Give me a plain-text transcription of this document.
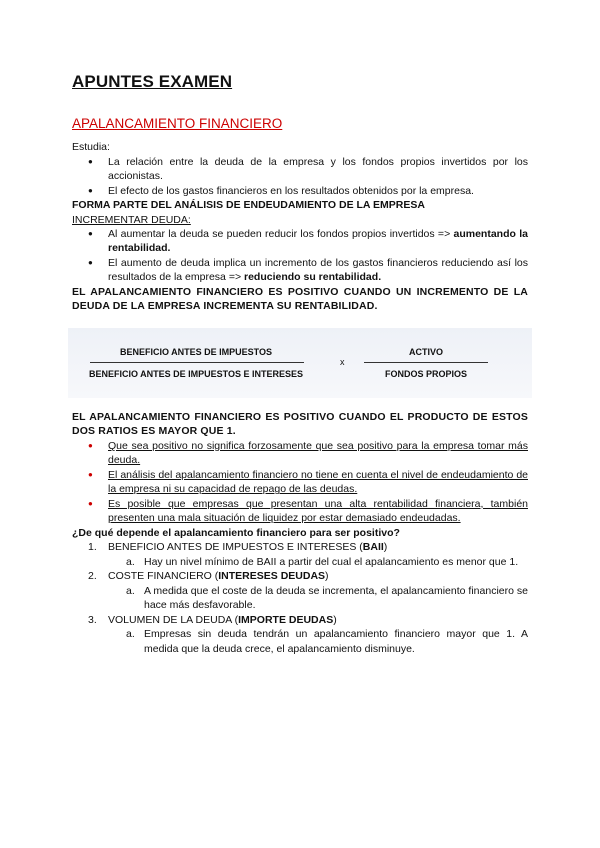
APUNTES EXAMEN
APALANCAMIENTO FINANCIERO
Estudia:
● La relación entre la deuda de la empresa y los fondos propios invertidos por los accionistas.
● El efecto de los gastos financieros en los resultados obtenidos por la empresa.
FORMA PARTE DEL ANÁLISIS DE ENDEUDAMIENTO DE LA EMPRESA
INCREMENTAR DEUDA:
● Al aumentar la deuda se pueden reducir los fondos propios invertidos => aumentando la rentabilidad.
● El aumento de deuda implica un incremento de los gastos financieros reduciendo así los resultados de la empresa => reduciendo su rentabilidad.
EL APALANCAMIENTO FINANCIERO ES POSITIVO CUANDO UN INCREMENTO DE LA DEUDA DE LA EMPRESA INCREMENTA SU RENTABILIDAD.
BENEFICIO ANTES DE IMPUESTOS
BENEFICIO ANTES DE IMPUESTOS E INTERESES
x
ACTIVO
FONDOS PROPIOS
EL APALANCAMIENTO FINANCIERO ES POSITIVO CUANDO EL PRODUCTO DE ESTOS DOS RATIOS ES MAYOR QUE 1.
● Que sea positivo no significa forzosamente que sea positivo para la empresa tomar más deuda.
● El análisis del apalancamiento financiero no tiene en cuenta el nivel de endeudamiento de la empresa ni su capacidad de repago de las deudas.
● Es posible que empresas que presentan una alta rentabilidad financiera, también presenten una mala situación de liquidez por estar demasiado endeudadas.
¿De qué depende el apalancamiento financiero para ser positivo?
1. BENEFICIO ANTES DE IMPUESTOS E INTERESES (BAII)
a. Hay un nivel mínimo de BAII a partir del cual el apalancamiento es menor que 1.
2. COSTE FINANCIERO (INTERESES DEUDAS)
a. A medida que el coste de la deuda se incrementa, el apalancamiento financiero se hace más desfavorable.
3. VOLUMEN DE LA DEUDA (IMPORTE DEUDAS)
a. Empresas sin deuda tendrán un apalancamiento financiero mayor que 1. A medida que la deuda crece, el apalancamiento disminuye.
